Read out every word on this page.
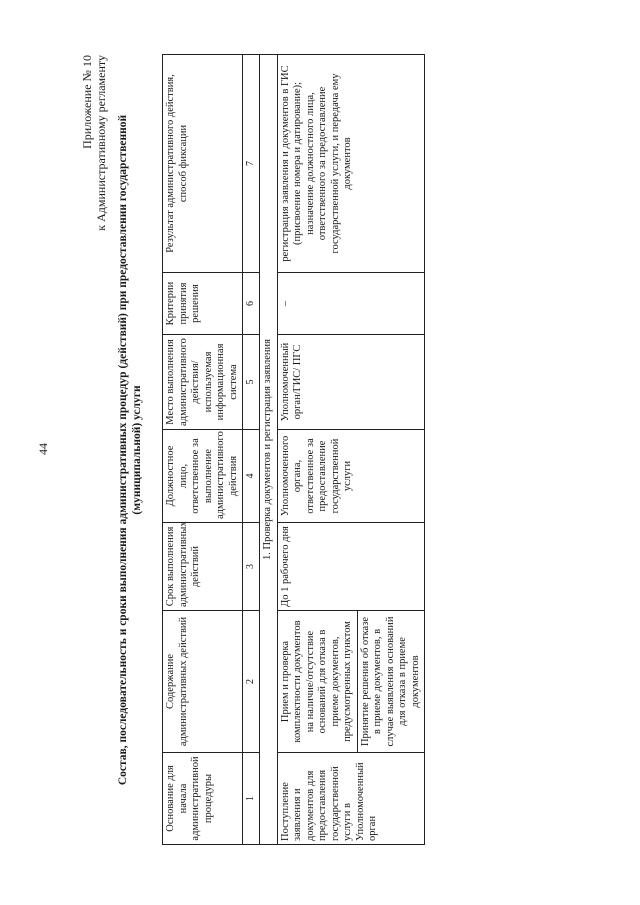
44
Приложение № 10 к Административному регламенту Состав, последовательность и сроки выполнения административных процедур (действий) при предоставлении государственной (муниципальной) услуги
Основание для начала административной процедуры	Содержание административных действий	Срок выполнения административных действий	Должностное лицо, ответственное за выполнение административного действия	Место выполнения административного действия/ используемая информационная система	Критерии принятия решения	Результат административного действия, способ фиксации
1	2	3	4	5	6	7
1. Проверка документов и регистрация заявления						
Поступление заявления и документов для предоставления государственной услуги в Уполномоченный орган	Прием и проверка комплектности документов на наличие/отсутствие оснований для отказа в приеме документов, предусмотренных пунктом	До 1 рабочего дня	Уполномоченного органа, ответственное за предоставление государственной услуги	Уполномоченный орган/ГИС/ ПГС	–	регистрация заявления и документов в ГИС (присвоение номера и датирование); назначение должностного лица, ответственного за предоставление государственной услуги, и передача ему документов
	Принятие решения об отказе в приеме документов, в случае выявления оснований для отказа в приеме документов					
